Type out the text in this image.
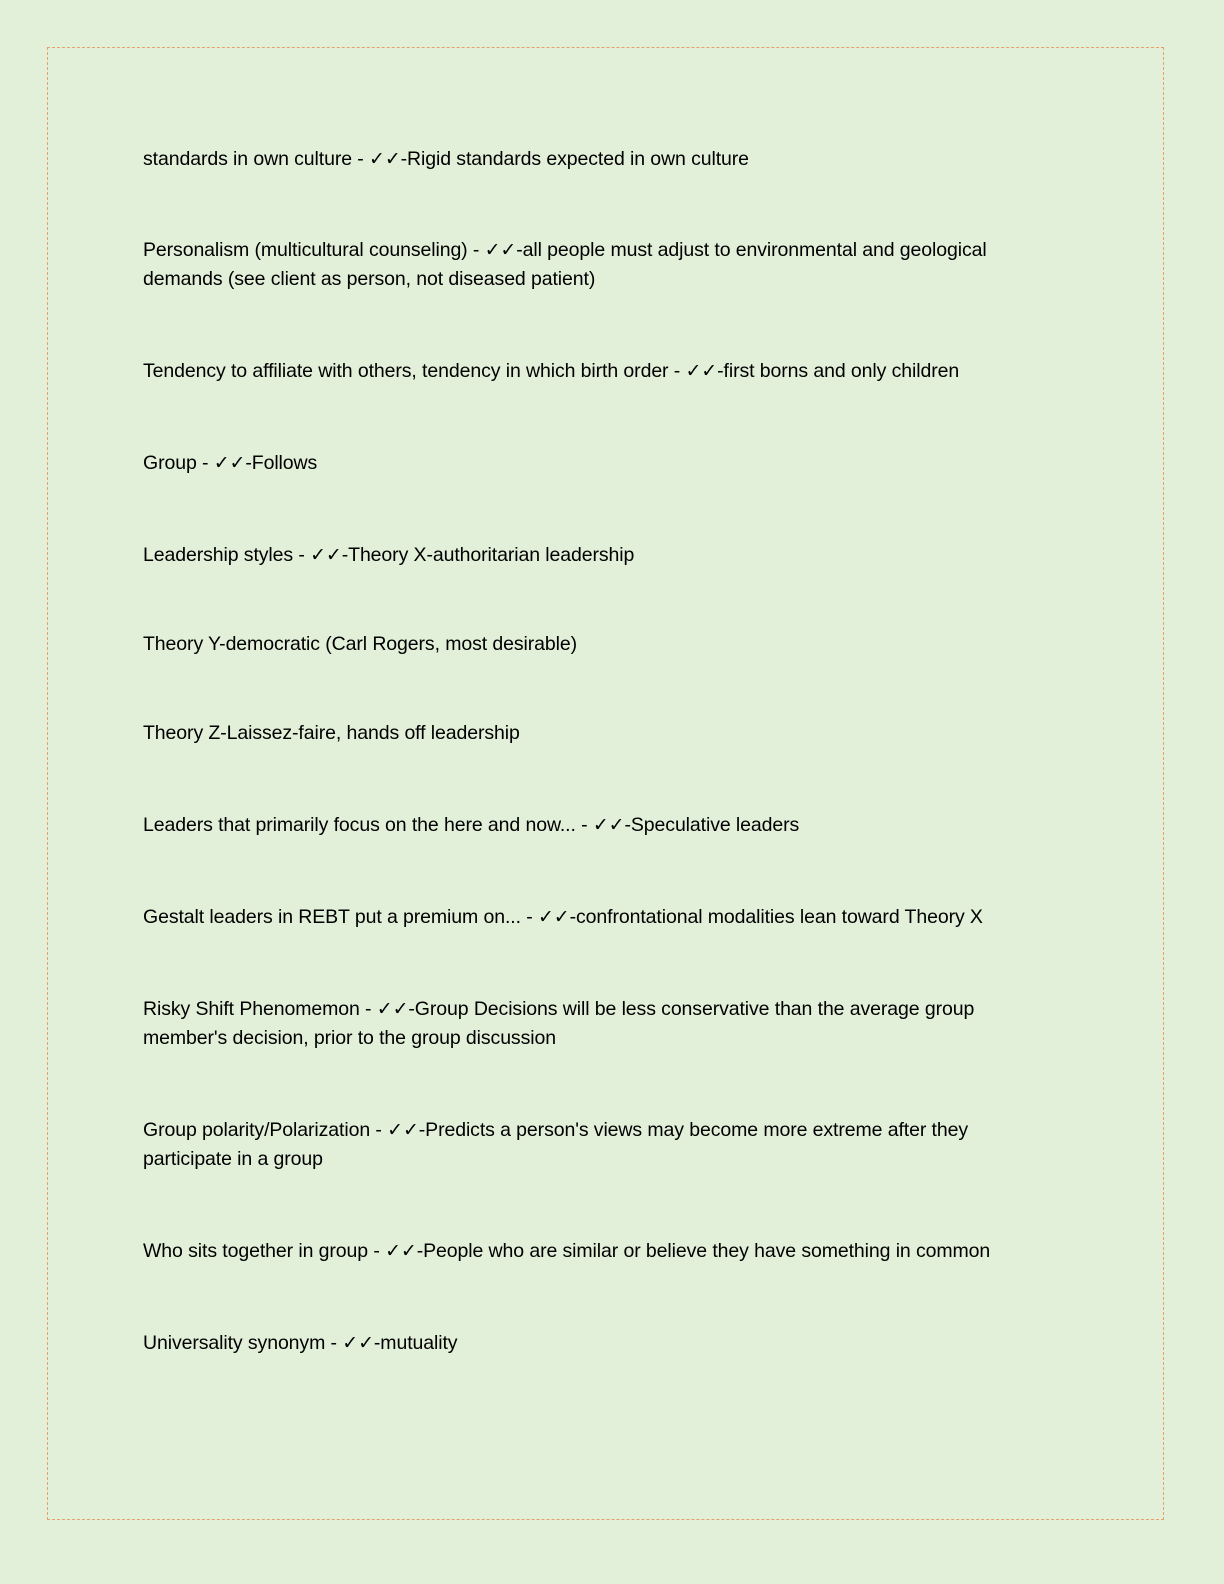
standards in own culture - ✓✓-Rigid standards expected in own culture

Personalism (multicultural counseling) - ✓✓-all people must adjust to environmental and geological demands (see client as person, not diseased patient)

Tendency to affiliate with others, tendency in which birth order - ✓✓-first borns and only children

Group - ✓✓-Follows

Leadership styles - ✓✓-Theory X-authoritarian leadership

Theory Y-democratic (Carl Rogers, most desirable)

Theory Z-Laissez-faire, hands off leadership

Leaders that primarily focus on the here and now... - ✓✓-Speculative leaders

Gestalt leaders in REBT put a premium on... - ✓✓-confrontational modalities lean toward Theory X

Risky Shift Phenomemon - ✓✓-Group Decisions will be less conservative than the average group member's decision, prior to the group discussion

Group polarity/Polarization - ✓✓-Predicts a person's views may become more extreme after they participate in a group

Who sits together in group - ✓✓-People who are similar or believe they have something in common

Universality synonym - ✓✓-mutuality
